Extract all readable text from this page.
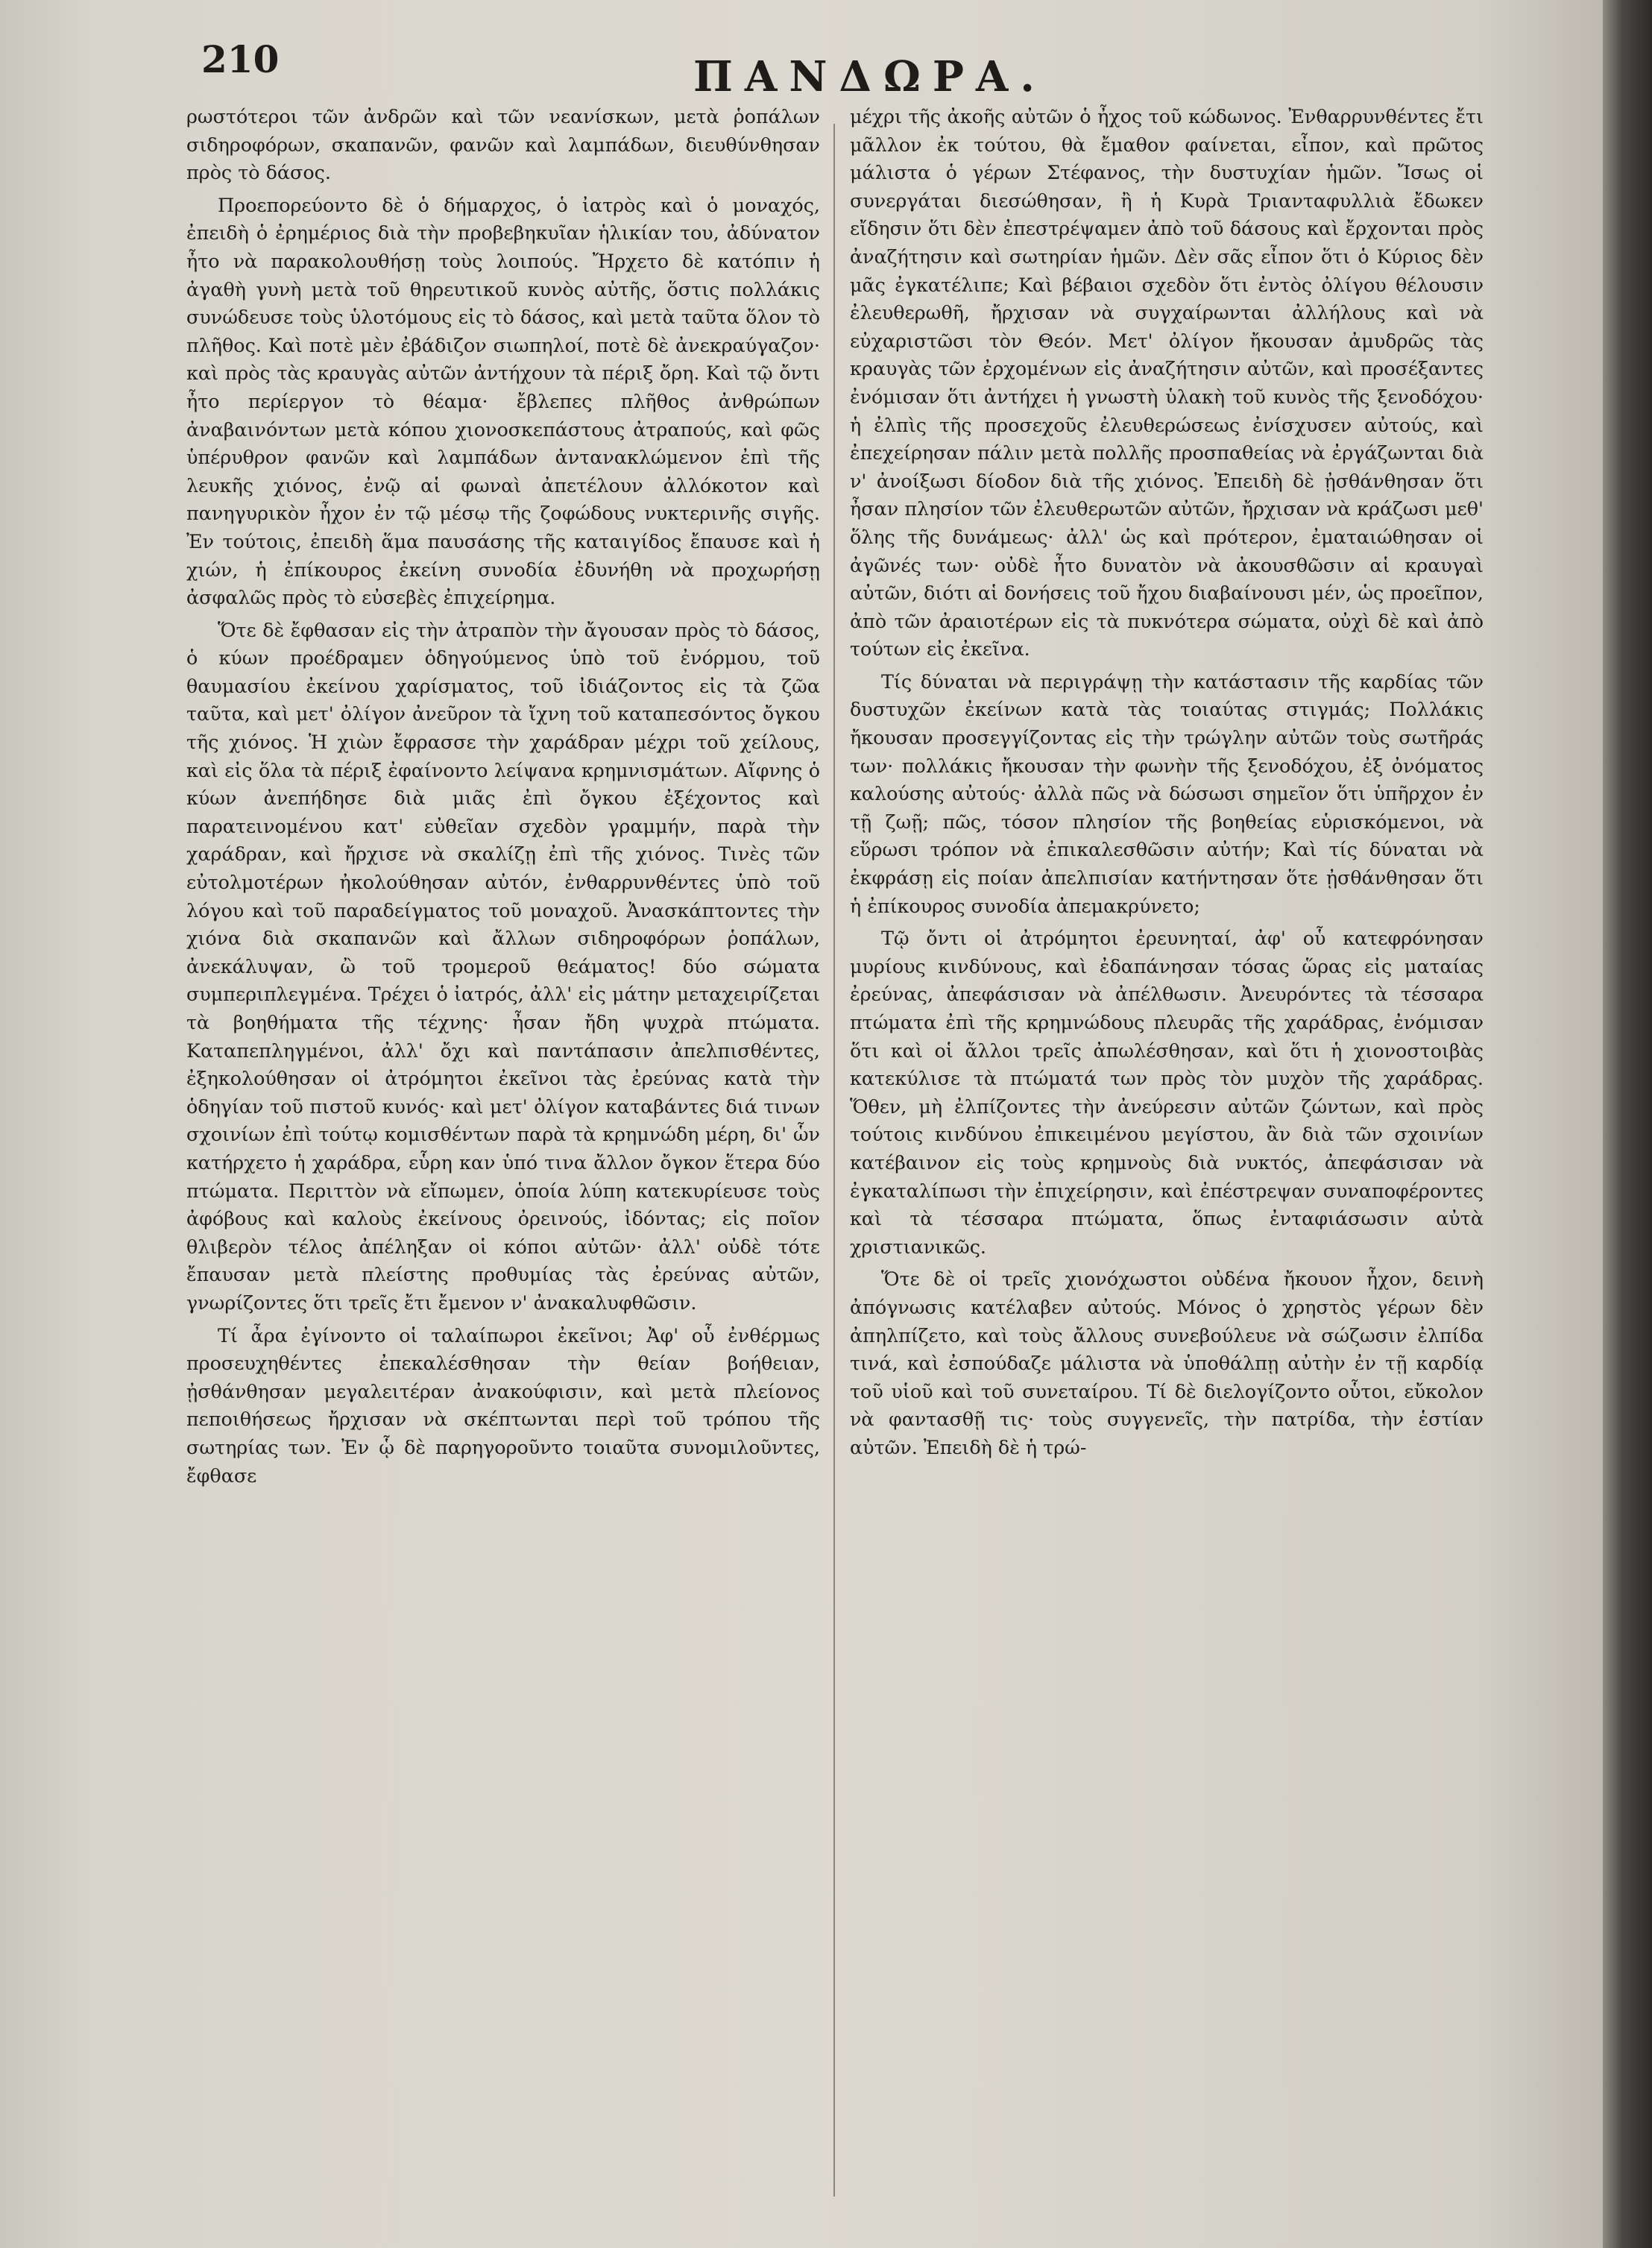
210	ΠΑΝΔΩΡΑ.

ρωστότεροι τῶν ἀνδρῶν καὶ τῶν νεανίσκων, μετὰ ῥοπάλων σιδηροφόρων, σκαπανῶν, φανῶν καὶ λαμπάδων, διευθύνθησαν πρὸς τὸ δάσος.

Προεπορεύοντο δὲ ὁ δήμαρχος, ὁ ἰατρὸς καὶ ὁ μοναχός, ἐπειδὴ ὁ ἐρημέριος διὰ τὴν προβεβηκυῖαν ἡλικίαν του, ἀδύνατον ἦτο νὰ παρακολουθήσῃ τοὺς λοιπούς. Ἤρχετο δὲ κατόπιν ἡ ἀγαθὴ γυνὴ μετὰ τοῦ θηρευτικοῦ κυνὸς αὐτῆς, ὅστις πολλάκις συνώδευσε τοὺς ὑλοτόμους εἰς τὸ δάσος, καὶ μετὰ ταῦτα ὅλον τὸ πλῆθος. Καὶ ποτὲ μὲν ἐβάδιζον σιωπηλοί, ποτὲ δὲ ἀνεκραύγαζον· καὶ πρὸς τὰς κραυγὰς αὐτῶν ἀντήχουν τὰ πέριξ ὄρη. Καὶ τῷ ὄντι ἦτο περίεργον τὸ θέαμα· ἔβλεπες πλῆθος ἀνθρώπων ἀναβαινόντων μετὰ κόπου χιονοσκεπάστους ἀτραπούς, καὶ φῶς ὑπέρυθρον φανῶν καὶ λαμπάδων ἀντανακλώμενον ἐπὶ τῆς λευκῆς χιόνος, ἐνῷ αἱ φωναὶ ἀπετέλουν ἀλλόκοτον καὶ πανηγυρικὸν ἦχον ἐν τῷ μέσῳ τῆς ζοφώδους νυκτερινῆς σιγῆς. Ἐν τούτοις, ἐπειδὴ ἅμα παυσάσης τῆς καταιγίδος ἔπαυσε καὶ ἡ χιών, ἡ ἐπίκουρος ἐκείνη συνοδία ἐδυνήθη νὰ προχωρήσῃ ἀσφαλῶς πρὸς τὸ εὐσεβὲς ἐπιχείρημα.

Ὅτε δὲ ἔφθασαν εἰς τὴν ἀτραπὸν τὴν ἄγουσαν πρὸς τὸ δάσος, ὁ κύων προέδραμεν ὁδηγούμενος ὑπὸ τοῦ ἐνόρμου, τοῦ θαυμασίου ἐκείνου χαρίσματος, τοῦ ἰδιάζοντος εἰς τὰ ζῶα ταῦτα, καὶ μετ' ὀλίγον ἀνεῦρον τὰ ἴχνη τοῦ καταπεσόντος ὄγκου τῆς χιόνος. Ἡ χιὼν ἔφρασσε τὴν χαράδραν μέχρι τοῦ χείλους, καὶ εἰς ὅλα τὰ πέριξ ἐφαίνοντο λείψανα κρημνισμάτων. Αἴφνης ὁ κύων ἀνεπήδησε διὰ μιᾶς ἐπὶ ὄγκου ἐξέχοντος καὶ παρατεινομένου κατ' εὐθεῖαν σχεδὸν γραμμήν, παρὰ τὴν χαράδραν, καὶ ἤρχισε νὰ σκαλίζῃ ἐπὶ τῆς χιόνος. Τινὲς τῶν εὐτολμοτέρων ἠκολούθησαν αὐτόν, ἐνθαρρυνθέντες ὑπὸ τοῦ λόγου καὶ τοῦ παραδείγματος τοῦ μοναχοῦ. Ἀνασκάπτοντες τὴν χιόνα διὰ σκαπανῶν καὶ ἄλλων σιδηροφόρων ῥοπάλων, ἀνεκάλυψαν, ὢ τοῦ τρομεροῦ θεάματος! δύο σώματα συμπεριπλεγμένα. Τρέχει ὁ ἰατρός, ἀλλ' εἰς μάτην μεταχειρίζεται τὰ βοηθήματα τῆς τέχνης· ἦσαν ἤδη ψυχρὰ πτώματα. Καταπεπληγμένοι, ἀλλ' ὄχι καὶ παντάπασιν ἀπελπισθέντες, ἐξηκολούθησαν οἱ ἀτρόμητοι ἐκεῖνοι τὰς ἐρεύνας κατὰ τὴν ὁδηγίαν τοῦ πιστοῦ κυνός· καὶ μετ' ὀλίγον καταβάντες διά τινων σχοινίων ἐπὶ τούτῳ κομισθέντων παρὰ τὰ κρημνώδη μέρη, δι' ὧν κατήρχετο ἡ χαράδρα, εὗρη καν ὑπό τινα ἄλλον ὄγκον ἕτερα δύο πτώματα. Περιττὸν νὰ εἴπωμεν, ὁποία λύπη κατεκυρίευσε τοὺς ἀφόβους καὶ καλοὺς ἐκείνους ὀρεινούς, ἰδόντας; εἰς ποῖον θλιβερὸν τέλος ἀπέληξαν οἱ κόποι αὐτῶν· ἀλλ' οὐδὲ τότε ἔπαυσαν μετὰ πλείστης προθυμίας τὰς ἐρεύνας αὐτῶν, γνωρίζοντες ὅτι τρεῖς ἔτι ἔμενον ν' ἀνακαλυφθῶσιν.

Τί ἆρα ἐγίνοντο οἱ ταλαίπωροι ἐκεῖνοι; Ἀφ' οὗ ἐνθέρμως προσευχηθέντες ἐπεκαλέσθησαν τὴν θείαν βοήθειαν, ᾐσθάνθησαν μεγαλειτέραν ἀνακούφισιν, καὶ μετὰ πλείονος πεποιθήσεως ἤρχισαν νὰ σκέπτωνται περὶ τοῦ τρόπου τῆς σωτηρίας των. Ἐν ᾧ δὲ παρηγοροῦντο τοιαῦτα συνομιλοῦντες, ἔφθασε

μέχρι τῆς ἀκοῆς αὐτῶν ὁ ἦχος τοῦ κώδωνος. Ἐνθαρρυνθέντες ἔτι μᾶλλον ἐκ τούτου, θὰ ἔμαθον φαίνεται, εἶπον, καὶ πρῶτος μάλιστα ὁ γέρων Στέφανος, τὴν δυστυχίαν ἡμῶν. Ἴσως οἱ συνεργάται διεσώθησαν, ἢ ἡ Κυρὰ Τριανταφυλλιὰ ἔδωκεν εἴδησιν ὅτι δὲν ἐπεστρέψαμεν ἀπὸ τοῦ δάσους καὶ ἔρχονται πρὸς ἀναζήτησιν καὶ σωτηρίαν ἡμῶν. Δὲν σᾶς εἶπον ὅτι ὁ Κύριος δὲν μᾶς ἐγκατέλιπε; Καὶ βέβαιοι σχεδὸν ὅτι ἐντὸς ὀλίγου θέλουσιν ἐλευθερωθῆ, ἤρχισαν νὰ συγχαίρωνται ἀλλήλους καὶ νὰ εὐχαριστῶσι τὸν Θεόν. Μετ' ὀλίγον ἤκουσαν ἀμυδρῶς τὰς κραυγὰς τῶν ἐρχομένων εἰς ἀναζήτησιν αὐτῶν, καὶ προσέξαντες ἐνόμισαν ὅτι ἀντήχει ἡ γνωστὴ ὑλακὴ τοῦ κυνὸς τῆς ξενοδόχου· ἡ ἐλπὶς τῆς προσεχοῦς ἐλευθερώσεως ἐνίσχυσεν αὐτούς, καὶ ἐπεχείρησαν πάλιν μετὰ πολλῆς προσπαθείας νὰ ἐργάζωνται διὰ ν' ἀνοίξωσι δίοδον διὰ τῆς χιόνος. Ἐπειδὴ δὲ ᾐσθάνθησαν ὅτι ἦσαν πλησίον τῶν ἐλευθερωτῶν αὐτῶν, ἤρχισαν νὰ κράζωσι μεθ' ὅλης τῆς δυνάμεως· ἀλλ' ὡς καὶ πρότερον, ἐματαιώθησαν οἱ ἀγῶνές των· οὐδὲ ἦτο δυνατὸν νὰ ἀκουσθῶσιν αἱ κραυγαὶ αὐτῶν, διότι αἱ δονήσεις τοῦ ἤχου διαβαίνουσι μέν, ὡς προεῖπον, ἀπὸ τῶν ἀραιοτέρων εἰς τὰ πυκνότερα σώματα, οὐχὶ δὲ καὶ ἀπὸ τούτων εἰς ἐκεῖνα.

Τίς δύναται νὰ περιγράψῃ τὴν κατάστασιν τῆς καρδίας τῶν δυστυχῶν ἐκείνων κατὰ τὰς τοιαύτας στιγμάς; Πολλάκις ἤκουσαν προσεγγίζοντας εἰς τὴν τρώγλην αὐτῶν τοὺς σωτῆράς των· πολλάκις ἤκουσαν τὴν φωνὴν τῆς ξενοδόχου, ἐξ ὀνόματος καλούσης αὐτούς· ἀλλὰ πῶς νὰ δώσωσι σημεῖον ὅτι ὑπῆρχον ἐν τῇ ζωῇ; πῶς, τόσον πλησίον τῆς βοηθείας εὑρισκόμενοι, νὰ εὕρωσι τρόπον νὰ ἐπικαλεσθῶσιν αὐτήν; Καὶ τίς δύναται νὰ ἐκφράσῃ εἰς ποίαν ἀπελπισίαν κατήντησαν ὅτε ᾐσθάνθησαν ὅτι ἡ ἐπίκουρος συνοδία ἀπεμακρύνετο;

Τῷ ὄντι οἱ ἀτρόμητοι ἐρευνηταί, ἀφ' οὗ κατεφρόνησαν μυρίους κινδύνους, καὶ ἐδαπάνησαν τόσας ὥρας εἰς ματαίας ἐρεύνας, ἀπεφάσισαν νὰ ἀπέλθωσιν. Ἀνευρόντες τὰ τέσσαρα πτώματα ἐπὶ τῆς κρημνώδους πλευρᾶς τῆς χαράδρας, ἐνόμισαν ὅτι καὶ οἱ ἄλλοι τρεῖς ἀπωλέσθησαν, καὶ ὅτι ἡ χιονοστοιβὰς κατεκύλισε τὰ πτώματά των πρὸς τὸν μυχὸν τῆς χαράδρας. Ὅθεν, μὴ ἐλπίζοντες τὴν ἀνεύρεσιν αὐτῶν ζώντων, καὶ πρὸς τούτοις κινδύνου ἐπικειμένου μεγίστου, ἂν διὰ τῶν σχοινίων κατέβαινον εἰς τοὺς κρημνοὺς διὰ νυκτός, ἀπεφάσισαν νὰ ἐγκαταλίπωσι τὴν ἐπιχείρησιν, καὶ ἐπέστρεψαν συναποφέροντες καὶ τὰ τέσσαρα πτώματα, ὅπως ἐνταφιάσωσιν αὐτὰ χριστιανικῶς.

Ὅτε δὲ οἱ τρεῖς χιονόχωστοι οὐδένα ἤκουον ἦχον, δεινὴ ἀπόγνωσις κατέλαβεν αὐτούς. Μόνος ὁ χρηστὸς γέρων δὲν ἀπηλπίζετο, καὶ τοὺς ἄλλους συνεβούλευε νὰ σώζωσιν ἐλπίδα τινά, καὶ ἐσπούδαζε μάλιστα νὰ ὑποθάλπῃ αὐτὴν ἐν τῇ καρδίᾳ τοῦ υἱοῦ καὶ τοῦ συνεταίρου. Τί δὲ διελογίζοντο οὗτοι, εὔκολον νὰ φαντασθῇ τις· τοὺς συγγενεῖς, τὴν πατρίδα, τὴν ἑστίαν αὐτῶν. Ἐπειδὴ δὲ ἡ τρώ-
